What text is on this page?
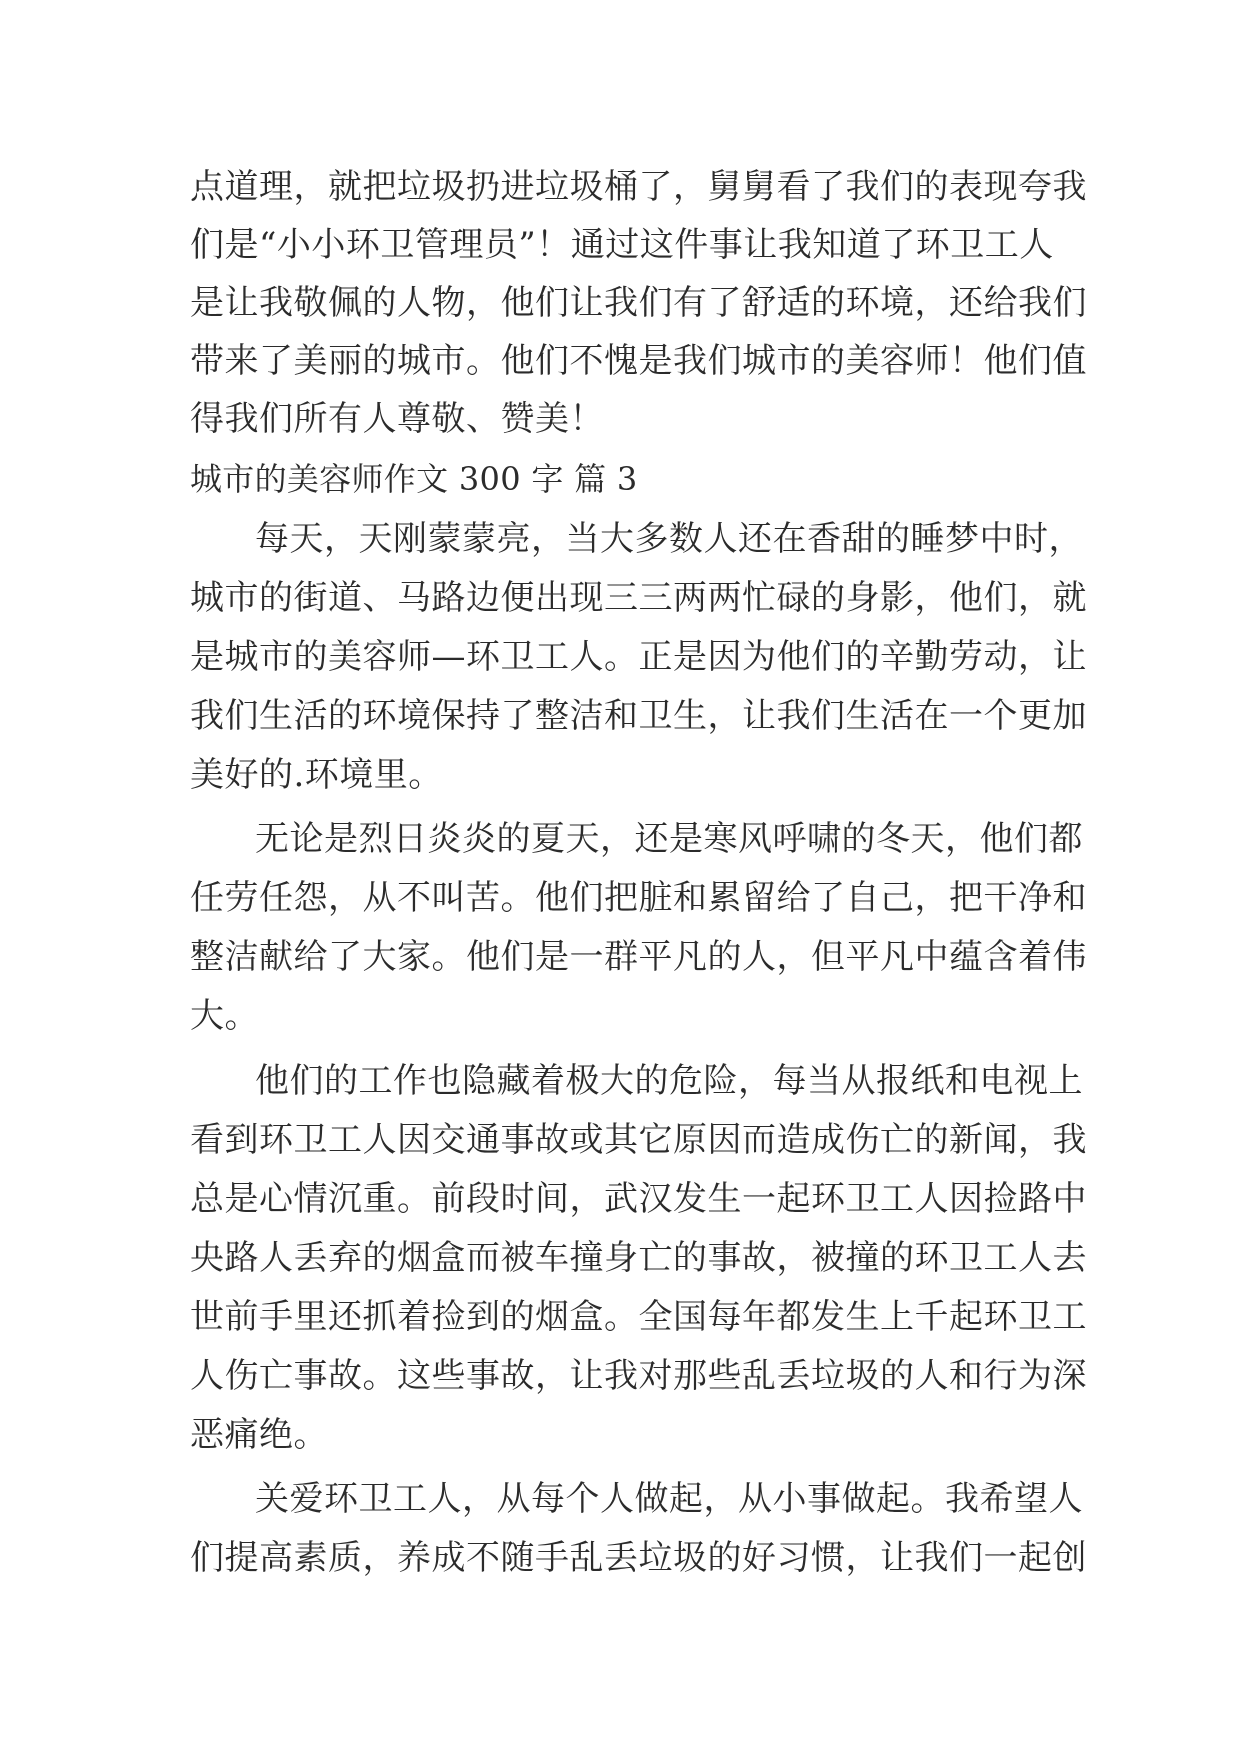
点道理，就把垃圾扔进垃圾桶了，舅舅看了我们的表现夸我
们是“小小环卫管理员”！通过这件事让我知道了环卫工人
是让我敬佩的人物，他们让我们有了舒适的环境，还给我们
带来了美丽的城市。他们不愧是我们城市的美容师！他们值
得我们所有人尊敬、赞美！
城市的美容师作文 300 字 篇 3
每天，天刚蒙蒙亮，当大多数人还在香甜的睡梦中时，
城市的街道、马路边便出现三三两两忙碌的身影，他们，就
是城市的美容师—环卫工人。正是因为他们的辛勤劳动，让
我们生活的环境保持了整洁和卫生，让我们生活在一个更加
美好的.环境里。
无论是烈日炎炎的夏天，还是寒风呼啸的冬天，他们都
任劳任怨，从不叫苦。他们把脏和累留给了自己，把干净和
整洁献给了大家。他们是一群平凡的人，但平凡中蕴含着伟
大。
他们的工作也隐藏着极大的危险，每当从报纸和电视上
看到环卫工人因交通事故或其它原因而造成伤亡的新闻，我
总是心情沉重。前段时间，武汉发生一起环卫工人因捡路中
央路人丢弃的烟盒而被车撞身亡的事故，被撞的环卫工人去
世前手里还抓着捡到的烟盒。全国每年都发生上千起环卫工
人伤亡事故。这些事故，让我对那些乱丢垃圾的人和行为深
恶痛绝。
关爱环卫工人，从每个人做起，从小事做起。我希望人
们提高素质，养成不随手乱丢垃圾的好习惯，让我们一起创
